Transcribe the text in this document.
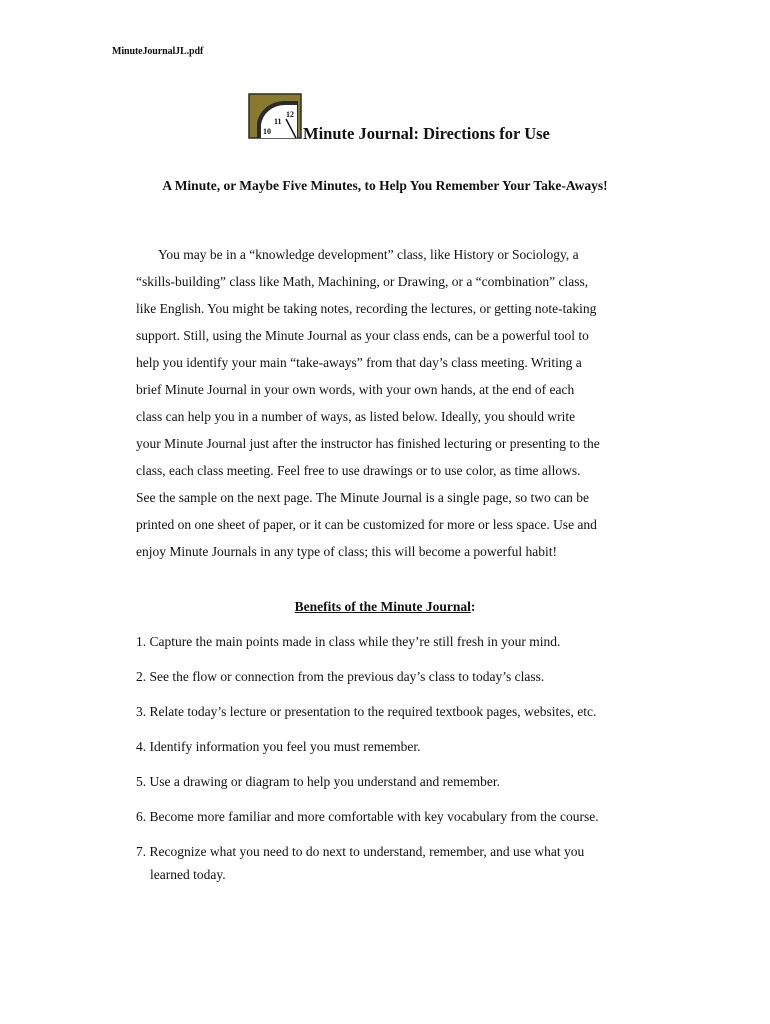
MinuteJournalJL.pdf
10
11
12
Minute Journal: Directions for Use
A Minute, or Maybe Five Minutes, to Help You Remember Your Take-Aways!

You may be in a “knowledge development” class, like History or Sociology, a
“skills-building” class like Math, Machining, or Drawing, or a “combination” class,
like English. You might be taking notes, recording the lectures, or getting note-taking
support. Still, using the Minute Journal as your class ends, can be a powerful tool to
help you identify your main “take-aways” from that day’s class meeting. Writing a
brief Minute Journal in your own words, with your own hands, at the end of each
class can help you in a number of ways, as listed below. Ideally, you should write
your Minute Journal just after the instructor has finished lecturing or presenting to the
class, each class meeting. Feel free to use drawings or to use color, as time allows.
See the sample on the next page. The Minute Journal is a single page, so two can be
printed on one sheet of paper, or it can be customized for more or less space. Use and
enjoy Minute Journals in any type of class; this will become a powerful habit!

Benefits of the Minute Journal:
1. Capture the main points made in class while they’re still fresh in your mind.
2. See the flow or connection from the previous day’s class to today’s class.
3. Relate today’s lecture or presentation to the required textbook pages, websites, etc.
4. Identify information you feel you must remember.
5. Use a drawing or diagram to help you understand and remember.
6. Become more familiar and more comfortable with key vocabulary from the course.
7. Recognize what you need to do next to understand, remember, and use what you
learned today.
